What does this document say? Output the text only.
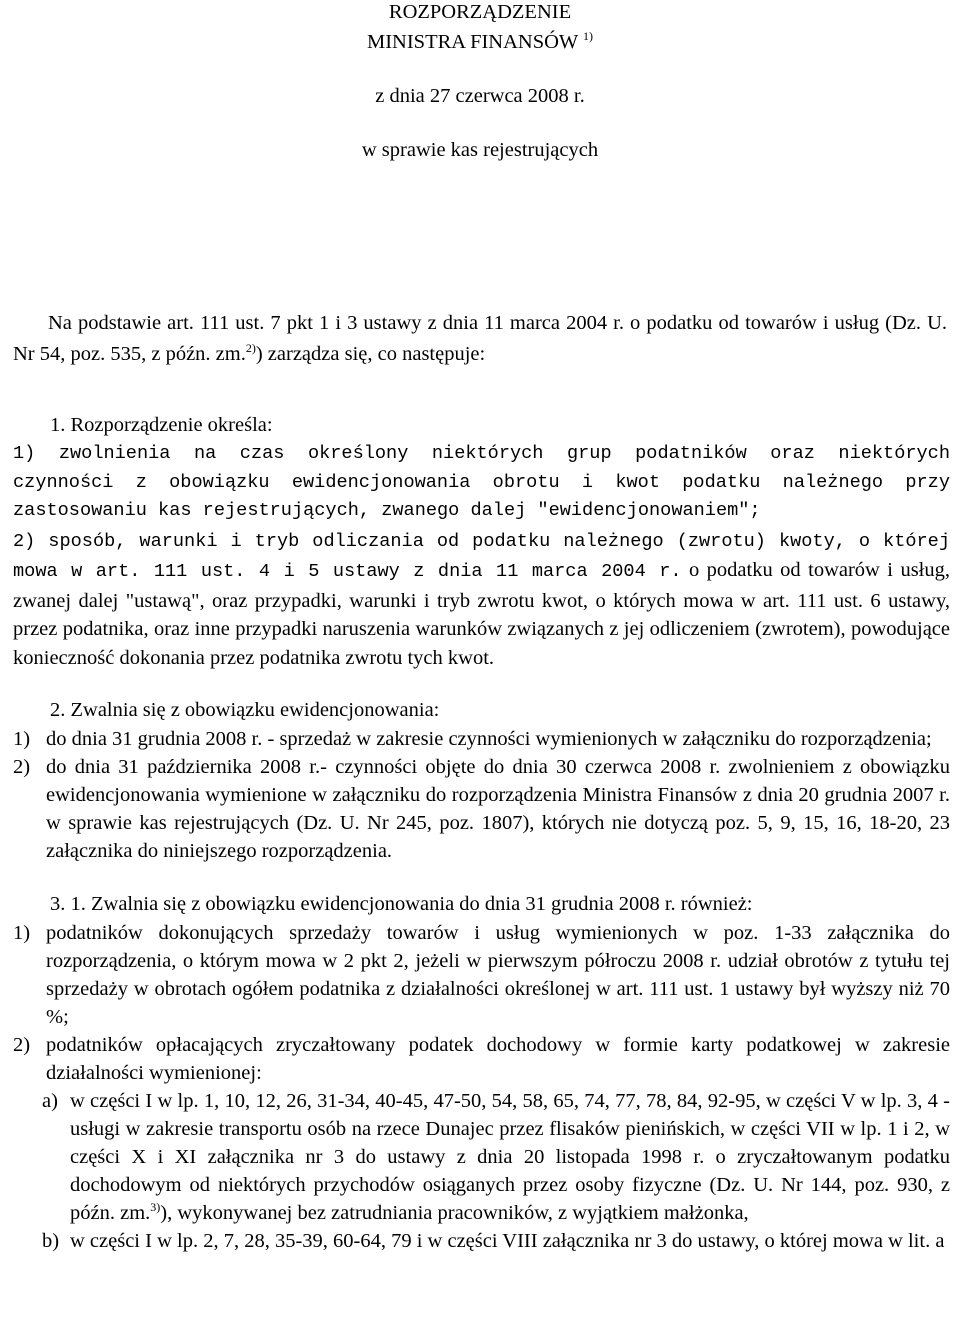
ROZPORZĄDZENIE
MINISTRA FINANSÓW $^{1)}$
z dnia 27 czerwca 2008 r.
w sprawie kas rejestrujących
Na podstawie art. 111 ust. 7 pkt 1 i 3 ustawy z dnia 11 marca 2004 r. o podatku od towarów i usług (Dz. U. Nr 54, poz. 535, z późn. zm.$^{2)}$) zarządza się, co następuje:
1. Rozporządzenie określa:
1) zwolnienia na czas określony niektórych grup podatników oraz niektórych czynności z obowiązku ewidencjonowania obrotu i kwot podatku należnego przy zastosowaniu kas rejestrujących, zwanego dalej "ewidencjonowaniem";
2) sposób, warunki i tryb odliczania od podatku należnego (zwrotu) kwoty, o której mowa w art. 111 ust. 4 i 5 ustawy z dnia 11 marca 2004 r. o podatku od towarów i usług, zwanej dalej "ustawą", oraz przypadki, warunki i tryb zwrotu kwot, o których mowa w art. 111 ust. 6 ustawy, przez podatnika, oraz inne przypadki naruszenia warunków związanych z jej odliczeniem (zwrotem), powodujące konieczność dokonania przez podatnika zwrotu tych kwot.
2. Zwalnia się z obowiązku ewidencjonowania:
1) do dnia 31 grudnia 2008 r. - sprzedaż w zakresie czynności wymienionych w załączniku do rozporządzenia;
2) do dnia 31 października 2008 r.- czynności objęte do dnia 30 czerwca 2008 r. zwolnieniem z obowiązku ewidencjonowania wymienione w załączniku do rozporządzenia Ministra Finansów z dnia 20 grudnia 2007 r. w sprawie kas rejestrujących (Dz. U. Nr 245, poz. 1807), których nie dotyczą poz. 5, 9, 15, 16, 18-20, 23 załącznika do niniejszego rozporządzenia.
3. 1. Zwalnia się z obowiązku ewidencjonowania do dnia 31 grudnia 2008 r. również:
1) podatników dokonujących sprzedaży towarów i usług wymienionych w poz. 1-33 załącznika do rozporządzenia, o którym mowa w 2 pkt 2, jeżeli w pierwszym półroczu 2008 r. udział obrotów z tytułu tej sprzedaży w obrotach ogółem podatnika z działalności określonej w art. 111 ust. 1 ustawy był wyższy niż 70 %;
2) podatników opłacających zryczałtowany podatek dochodowy w formie karty podatkowej w zakresie działalności wymienionej:
a) w części I w lp. 1, 10, 12, 26, 31-34, 40-45, 47-50, 54, 58, 65, 74, 77, 78, 84, 92-95, w części V w lp. 3, 4 - usługi w zakresie transportu osób na rzece Dunajec przez flisaków pienińskich, w części VII w lp. 1 i 2, w części X i XI załącznika nr 3 do ustawy z dnia 20 listopada 1998 r. o zryczałtowanym podatku dochodowym od niektórych przychodów osiąganych przez osoby fizyczne (Dz. U. Nr 144, poz. 930, z późn. zm.$^{3)}$), wykonywanej bez zatrudniania pracowników, z wyjątkiem małżonka,
b) w części I w lp. 2, 7, 28, 35-39, 60-64, 79 i w części VIII załącznika nr 3 do ustawy, o której mowa w lit. a
